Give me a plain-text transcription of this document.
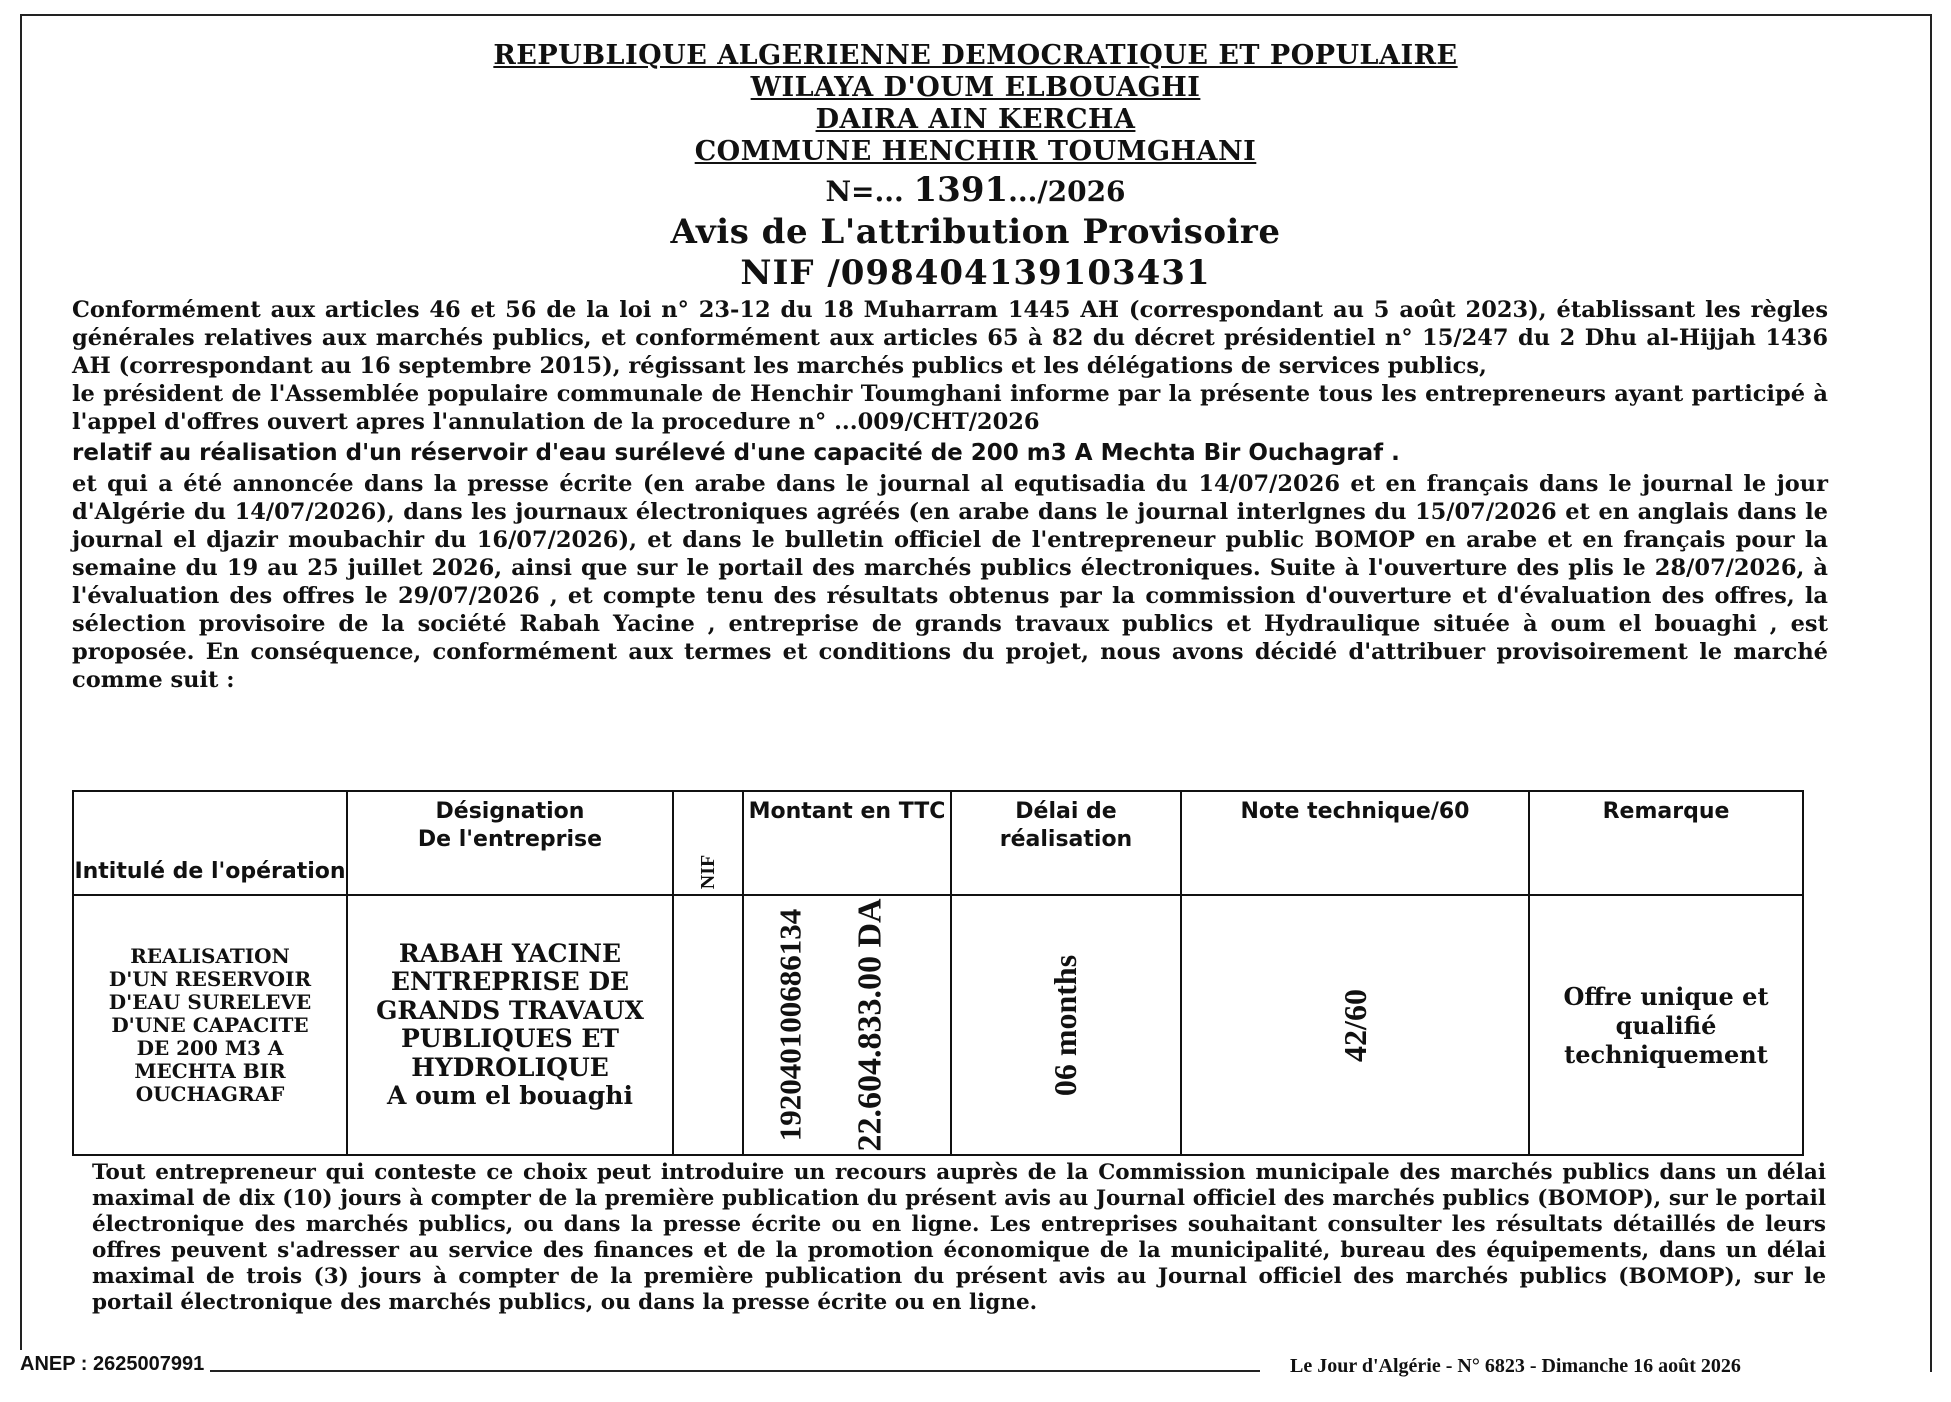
REPUBLIQUE ALGERIENNE DEMOCRATIQUE ET POPULAIRE
WILAYA D'OUM ELBOUAGHI
DAIRA AIN KERCHA
COMMUNE HENCHIR TOUMGHANI
N=... 1391.../2026
Avis de L'attribution Provisoire
NIF /098404139103431

Conformément aux articles 46 et 56 de la loi n° 23-12 du 18 Muharram 1445 AH (correspondant au 5 août 2023), établissant les règles générales relatives aux marchés publics, et conformément aux articles 65 à 82 du décret présidentiel n° 15/247 du 2 Dhu al-Hijjah 1436 AH (correspondant au 16 septembre 2015), régissant les marchés publics et les délégations de services publics,

le président de l'Assemblée populaire communale de Henchir Toumghani informe par la présente tous les entrepreneurs ayant participé à l'appel d'offres ouvert apres l'annulation de la procedure n° ...009/CHT/2026

relatif au réalisation d'un réservoir d'eau surélevé d'une capacité de 200 m3 A Mechta Bir Ouchagraf .

et qui a été annoncée dans la presse écrite (en arabe dans le journal al equtisadia du 14/07/2026 et en français dans le journal le jour d'Algérie du 14/07/2026), dans les journaux électroniques agréés (en arabe dans le journal interlgnes du 15/07/2026 et en anglais dans le journal el djazir moubachir du 16/07/2026), et dans le bulletin officiel de l'entrepreneur public BOMOP en arabe et en français pour la semaine du 19 au 25 juillet 2026, ainsi que sur le portail des marchés publics électroniques. Suite à l'ouverture des plis le 28/07/2026, à l'évaluation des offres le 29/07/2026 , et compte tenu des résultats obtenus par la commission d'ouverture et d'évaluation des offres, la sélection provisoire de la société Rabah Yacine , entreprise de grands travaux publics et Hydraulique située à oum el bouaghi , est proposée. En conséquence, conformément aux termes et conditions du projet, nous avons décidé d'attribuer provisoirement le marché comme suit :

Intitulé de l'opération	Désignation
De l'entreprise	NIF	Montant en TTC	Délai de réalisation	Note technique/60	Remarque

REALISATION D'UN RESERVOIR D'EAU SURELEVE D'UNE CAPACITE DE 200 M3 A MECHTA BIR OUCHAGRAF	RABAH YACINE ENTREPRISE DE GRANDS TRAVAUX PUBLIQUES ET HYDROLIQUE
A oum el bouaghi	192040100686134	22.604.833.00 DA	06 months	42/60	Offre unique et qualifié techniquement

Tout entrepreneur qui conteste ce choix peut introduire un recours auprès de la Commission municipale des marchés publics dans un délai maximal de dix (10) jours à compter de la première publication du présent avis au Journal officiel des marchés publics (BOMOP), sur le portail électronique des marchés publics, ou dans la presse écrite ou en ligne. Les entreprises souhaitant consulter les résultats détaillés de leurs offres peuvent s'adresser au service des finances et de la promotion économique de la municipalité, bureau des équipements, dans un délai maximal de trois (3) jours à compter de la première publication du présent avis au Journal officiel des marchés publics (BOMOP), sur le portail électronique des marchés publics, ou dans la presse écrite ou en ligne.

ANEP : 2625007991	Le Jour d'Algérie - N° 6823 - Dimanche 16 août 2026
